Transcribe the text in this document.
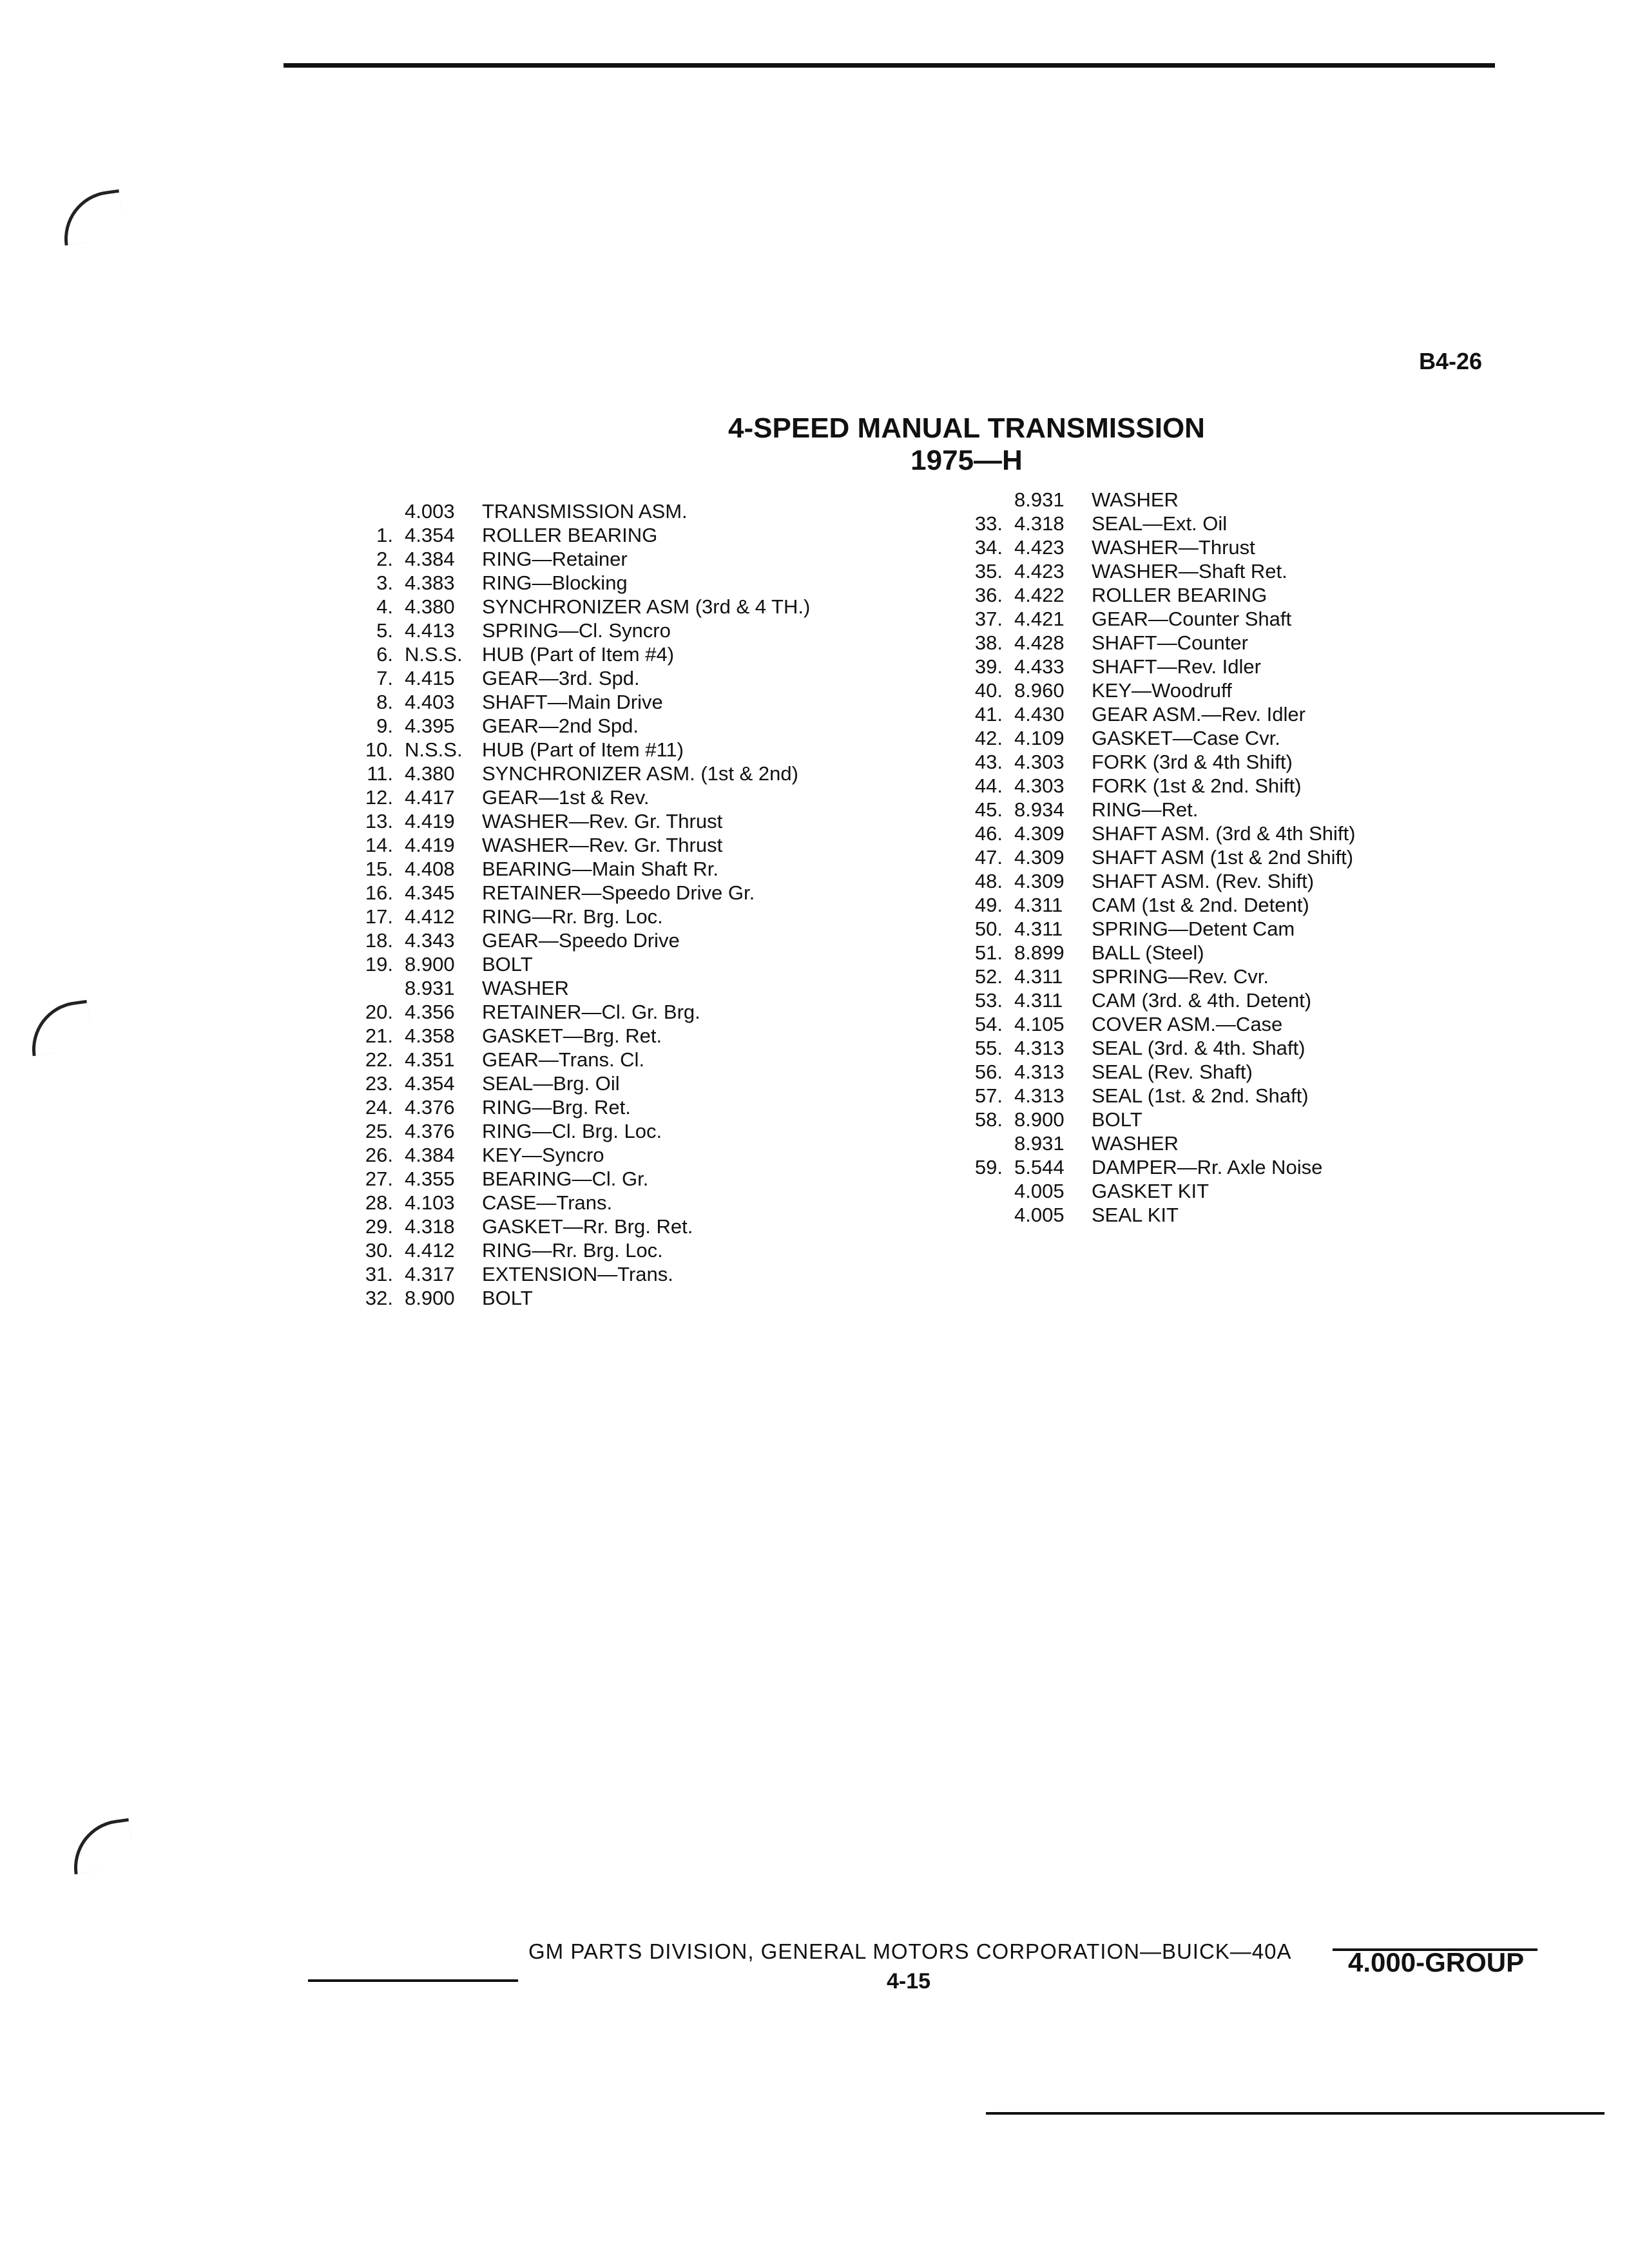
B4-26
4-SPEED MANUAL TRANSMISSION
1975—H
4.003	TRANSMISSION ASM.
1. 4.354	ROLLER BEARING
2. 4.384	RING—Retainer
3. 4.383	RING—Blocking
4. 4.380	SYNCHRONIZER ASM (3rd & 4 TH.)
5. 4.413	SPRING—Cl. Syncro
6. N.S.S. HUB (Part of Item #4)
7. 4.415	GEAR—3rd. Spd.
8. 4.403	SHAFT—Main Drive
9. 4.395	GEAR—2nd Spd.
10. N.S.S. HUB (Part of Item #11)
11. 4.380	SYNCHRONIZER ASM. (1st & 2nd)
12. 4.417	GEAR—1st & Rev.
13. 4.419	WASHER—Rev. Gr. Thrust
14. 4.419	WASHER—Rev. Gr. Thrust
15. 4.408	BEARING—Main Shaft Rr.
16. 4.345	RETAINER—Speedo Drive Gr.
17. 4.412	RING—Rr. Brg. Loc.
18. 4.343	GEAR—Speedo Drive
19. 8.900	BOLT
8.931	WASHER
20. 4.356	RETAINER—Cl. Gr. Brg.
21. 4.358	GASKET—Brg. Ret.
22. 4.351	GEAR—Trans. Cl.
23. 4.354	SEAL—Brg. Oil
24. 4.376	RING—Brg. Ret.
25. 4.376	RING—Cl. Brg. Loc.
26. 4.384	KEY—Syncro
27. 4.355	BEARING—Cl. Gr.
28. 4.103	CASE—Trans.
29. 4.318	GASKET—Rr. Brg. Ret.
30. 4.412	RING—Rr. Brg. Loc.
31. 4.317	EXTENSION—Trans.
32. 8.900	BOLT
8.931	WASHER
33. 4.318	SEAL—Ext. Oil
34. 4.423	WASHER—Thrust
35. 4.423	WASHER—Shaft Ret.
36. 4.422	ROLLER BEARING
37. 4.421	GEAR—Counter Shaft
38. 4.428	SHAFT—Counter
39. 4.433	SHAFT—Rev. Idler
40. 8.960	KEY—Woodruff
41. 4.430	GEAR ASM.—Rev. Idler
42. 4.109	GASKET—Case Cvr.
43. 4.303	FORK (3rd & 4th Shift)
44. 4.303	FORK (1st & 2nd. Shift)
45. 8.934	RING—Ret.
46. 4.309	SHAFT ASM. (3rd & 4th Shift)
47. 4.309	SHAFT ASM (1st & 2nd Shift)
48. 4.309	SHAFT ASM. (Rev. Shift)
49. 4.311	CAM (1st & 2nd. Detent)
50. 4.311	SPRING—Detent Cam
51. 8.899	BALL (Steel)
52. 4.311	SPRING—Rev. Cvr.
53. 4.311	CAM (3rd. & 4th. Detent)
54. 4.105	COVER ASM.—Case
55. 4.313	SEAL (3rd. & 4th. Shaft)
56. 4.313	SEAL (Rev. Shaft)
57. 4.313	SEAL (1st. & 2nd. Shaft)
58. 8.900	BOLT
8.931	WASHER
59. 5.544	DAMPER—Rr. Axle Noise
4.005	GASKET KIT
4.005	SEAL KIT
GM PARTS DIVISION, GENERAL MOTORS CORPORATION—BUICK—40A
4-15
4.000-GROUP
